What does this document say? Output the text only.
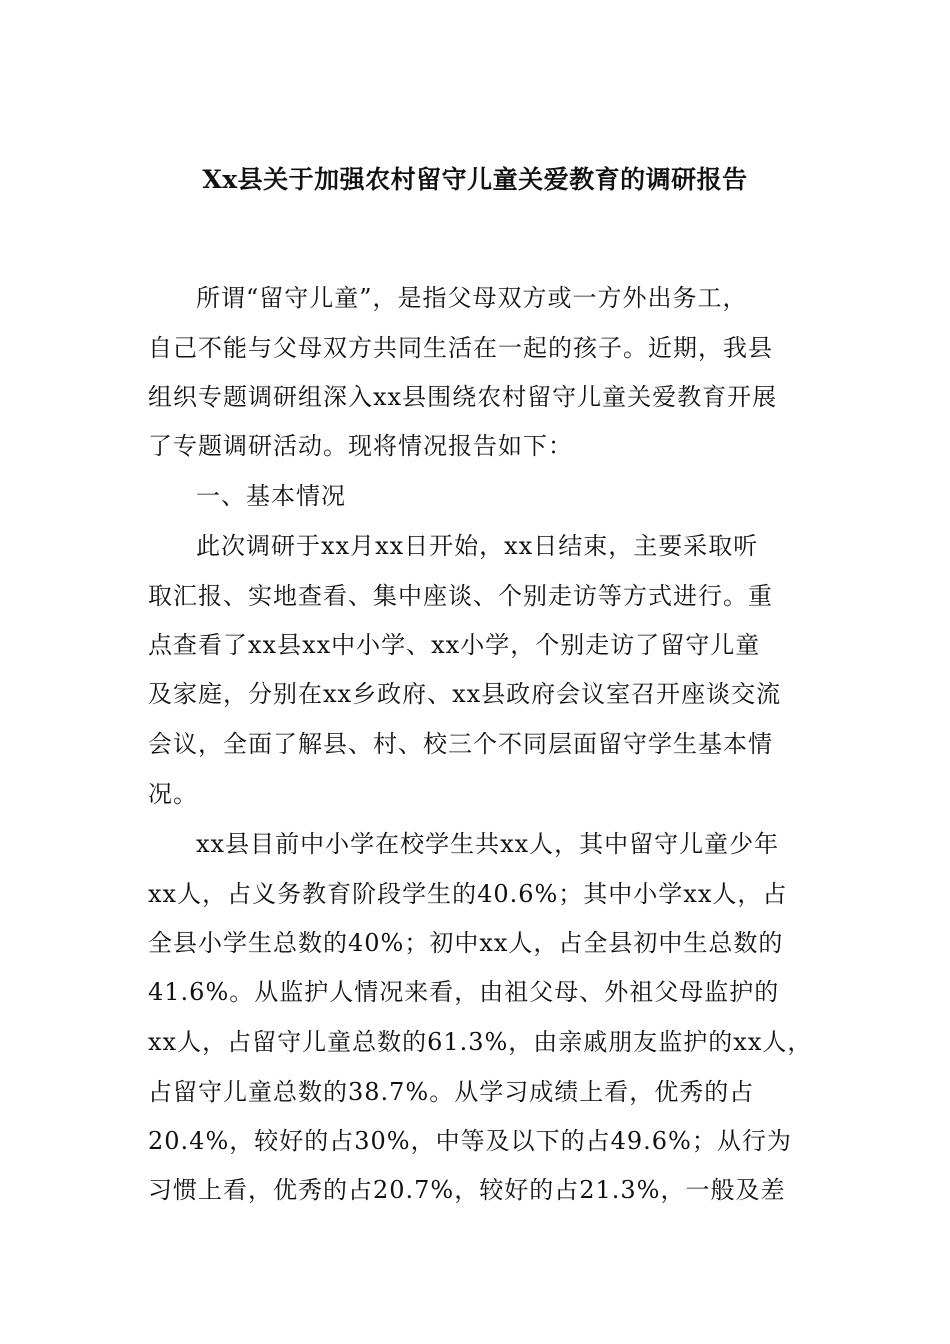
Xx县关于加强农村留守儿童关爱教育的调研报告
所谓“留守儿童”，是指父母双方或一方外出务工，
自己不能与父母双方共同生活在一起的孩子。近期，我县
组织专题调研组深入xx县围绕农村留守儿童关爱教育开展
了专题调研活动。现将情况报告如下：
一、基本情况
此次调研于xx月xx日开始，xx日结束，主要采取听
取汇报、实地查看、集中座谈、个别走访等方式进行。重
点查看了xx县xx中小学、xx小学，个别走访了留守儿童
及家庭，分别在xx乡政府、xx县政府会议室召开座谈交流
会议，全面了解县、村、校三个不同层面留守学生基本情
况。
xx县目前中小学在校学生共xx人，其中留守儿童少年
xx人，占义务教育阶段学生的40.6%；其中小学xx人，占
全县小学生总数的40%；初中xx人，占全县初中生总数的
41.6%。从监护人情况来看，由祖父母、外祖父母监护的
xx人，占留守儿童总数的61.3%，由亲戚朋友监护的xx人，
占留守儿童总数的38.7%。从学习成绩上看，优秀的占
20.4%，较好的占30%，中等及以下的占49.6%；从行为
习惯上看，优秀的占20.7%，较好的占21.3%，一般及差
